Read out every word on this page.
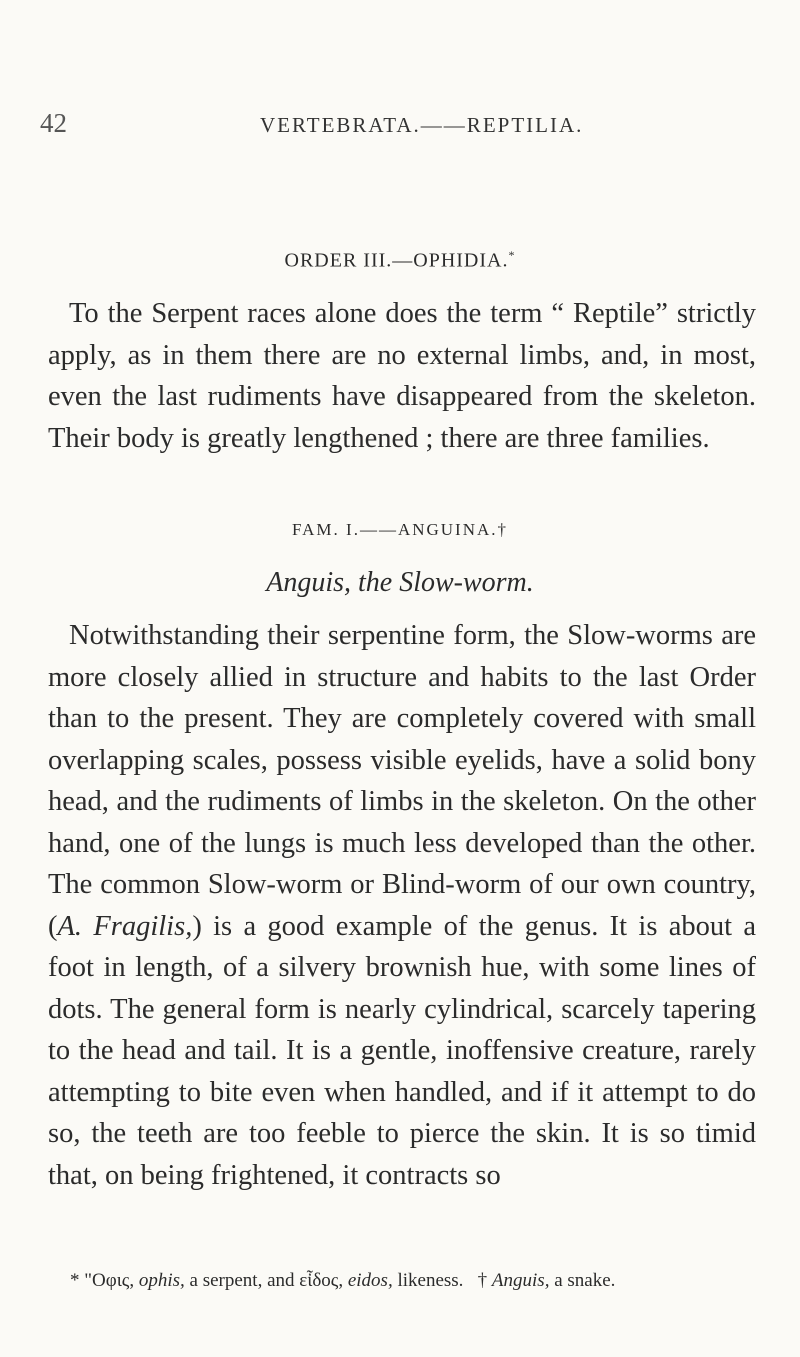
42	VERTEBRATA.——REPTILIA.
ORDER III.—OPHIDIA.*

To the Serpent races alone does the term “ Reptile” strictly apply, as in them there are no external limbs, and, in most, even the last rudiments have disappeared from the skeleton. Their body is greatly lengthened ; there are three families.

FAM. I.——ANGUINA.†
Anguis, the Slow-worm.

Notwithstanding their serpentine form, the Slow-worms are more closely allied in structure and habits to the last Order than to the present. They are completely covered with small overlapping scales, possess visible eyelids, have a solid bony head, and the rudiments of limbs in the skeleton. On the other hand, one of the lungs is much less developed than the other. The common Slow-worm or Blind-worm of our own country, (A. Fragilis,) is a good example of the genus. It is about a foot in length, of a silvery brownish hue, with some lines of dots. The general form is nearly cylindrical, scarcely tapering to the head and tail. It is a gentle, inoffensive creature, rarely attempting to bite even when handled, and if it attempt to do so, the teeth are too feeble to pierce the skin. It is so timid that, on being frightened, it contracts so

* "Οφις, ophis, a serpent, and εἶδος, eidos, likeness. † Anguis, a snake.
